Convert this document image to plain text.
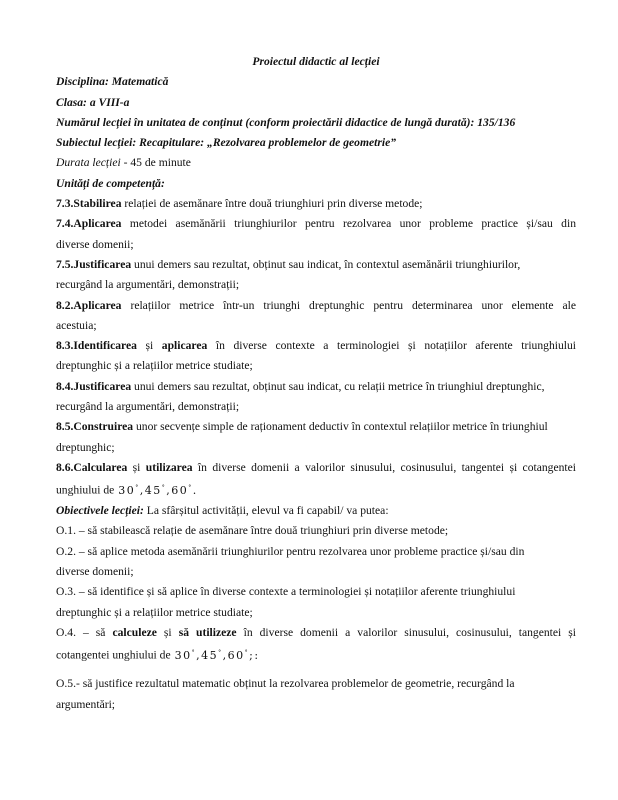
Proiectul didactic al lecției
Disciplina: Matematică
Clasa: a VIII-a
Numărul lecției în unitatea de conținut (conform proiectării didactice de lungă durată): 135/136
Subiectul lecției: Recapitulare: „Rezolvarea problemelor de geometrie”
Durata lecției - 45 de minute
Unități de competență:
7.3.Stabilirea relației de asemănare între două triunghiuri prin diverse metode;
7.4.Aplicarea metodei asemănării triunghiurilor pentru rezolvarea unor probleme practice și/sau din
diverse domenii;
7.5.Justificarea unui demers sau rezultat, obținut sau indicat, în contextul asemănării triunghiurilor,
recurgând la argumentări, demonstrații;
8.2.Aplicarea relațiilor metrice într-un triunghi dreptunghic pentru determinarea unor elemente ale
acestuia;
8.3.Identificarea și aplicarea în diverse contexte a terminologiei și notațiilor aferente triunghiului
dreptunghic și a relațiilor metrice studiate;
8.4.Justificarea unui demers sau rezultat, obținut sau indicat, cu relații metrice în triunghiul dreptunghic,
recurgând la argumentări, demonstrații;
8.5.Construirea unor secvențe simple de raționament deductiv în contextul relațiilor metrice în triunghiul
dreptunghic;
8.6.Calcularea și utilizarea în diverse domenii a valorilor sinusului, cosinusului, tangentei și cotangentei
unghiului de 30°,45°,60°.
Obiectivele lecției: La sfârșitul activității, elevul va fi capabil/ va putea:
O.1. – să stabilească relație de asemănare între două triunghiuri prin diverse metode;
O.2. – să aplice metoda asemănării triunghiurilor pentru rezolvarea unor probleme practice și/sau din
diverse domenii;
O.3. – să identifice și să aplice în diverse contexte a terminologiei și notațiilor aferente triunghiului
dreptunghic și a relațiilor metrice studiate;
O.4. – să calculeze și să utilizeze în diverse domenii a valorilor sinusului, cosinusului, tangentei și
cotangentei unghiului de 30°,45°,60°;:
O.5.- să justifice rezultatul matematic obținut la rezolvarea problemelor de geometrie, recurgând la
argumentări;
